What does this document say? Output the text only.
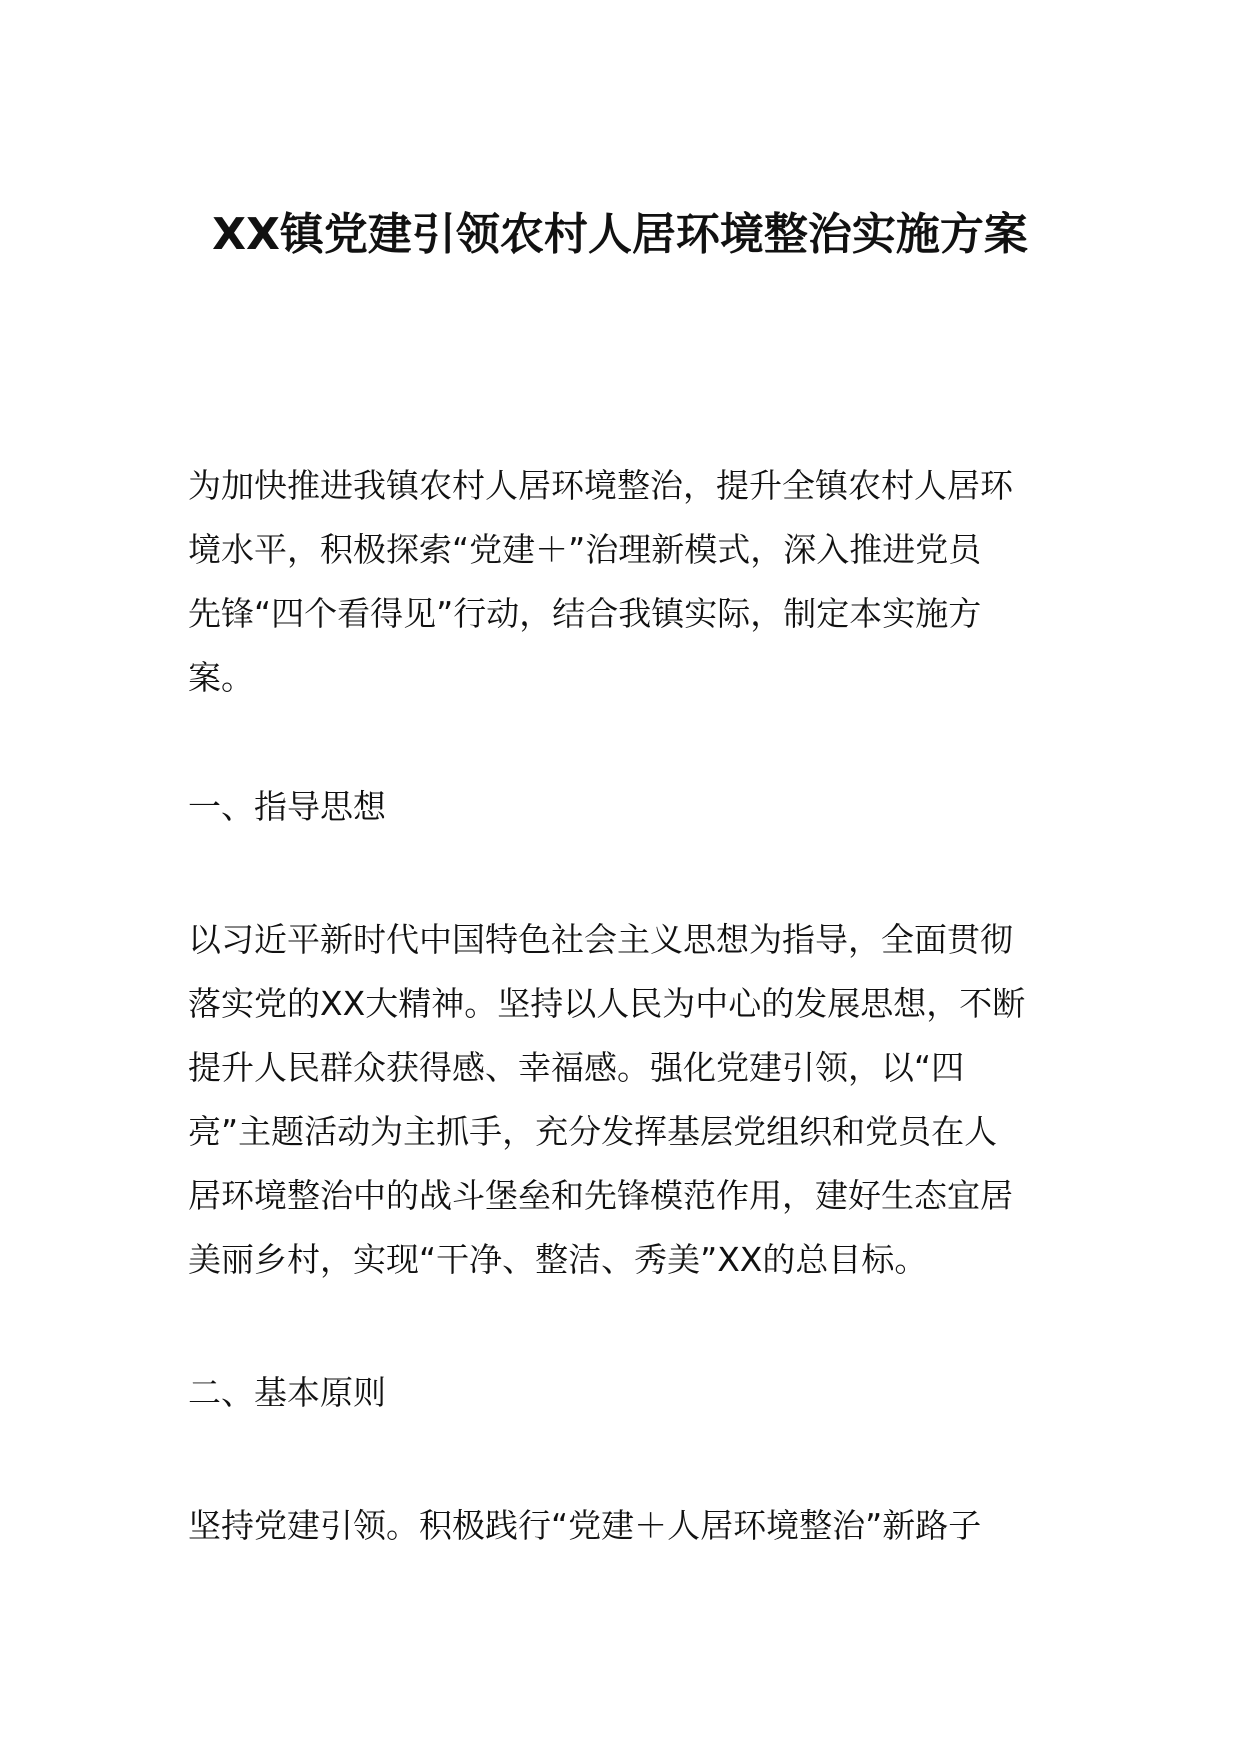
XX镇党建引领农村人居环境整治实施方案
为加快推进我镇农村人居环境整治，提升全镇农村人居环
境水平，积极探索“党建＋”治理新模式，深入推进党员
先锋“四个看得见”行动，结合我镇实际，制定本实施方
案。
一、指导思想
以习近平新时代中国特色社会主义思想为指导，全面贯彻
落实党的XX大精神。坚持以人民为中心的发展思想，不断
提升人民群众获得感、幸福感。强化党建引领，以“四
亮”主题活动为主抓手，充分发挥基层党组织和党员在人
居环境整治中的战斗堡垒和先锋模范作用，建好生态宜居
美丽乡村，实现“干净、整洁、秀美”XX的总目标。
二、基本原则
坚持党建引领。积极践行“党建＋人居环境整治”新路子
